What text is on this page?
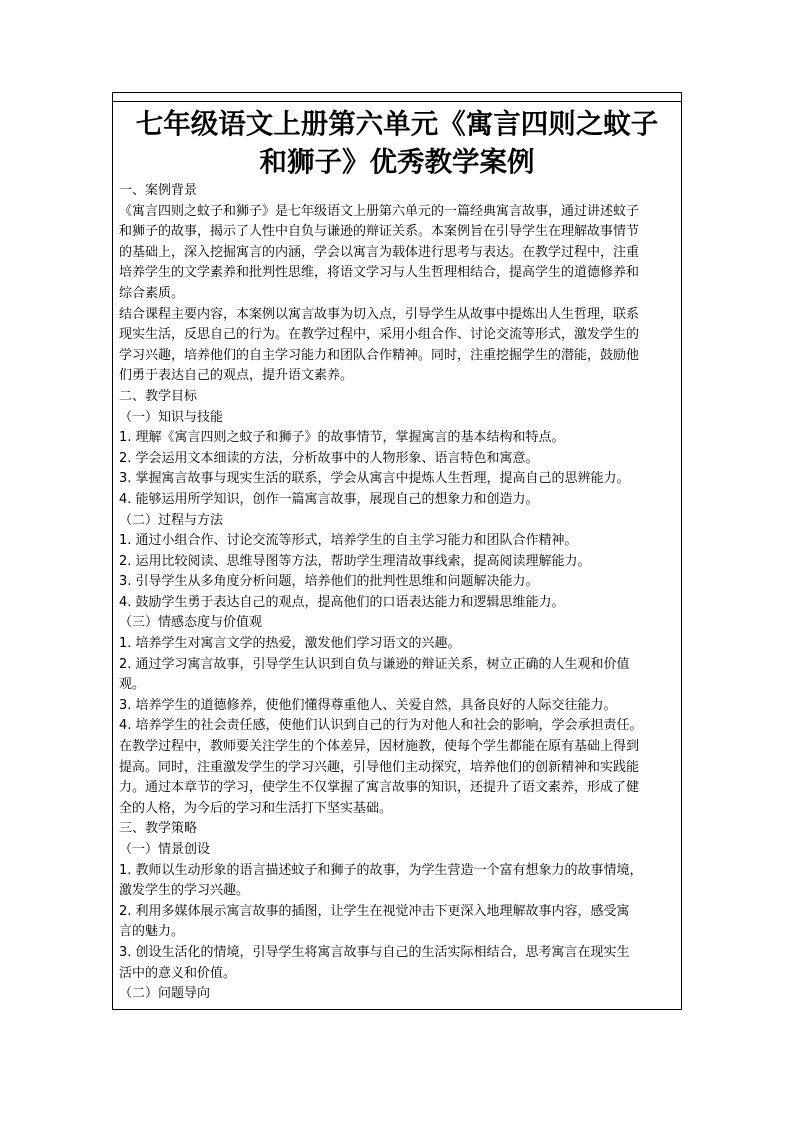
七年级语文上册第六单元《寓言四则之蚊子
和狮子》优秀教学案例
一、案例背景
《寓言四则之蚊子和狮子》是七年级语文上册第六单元的一篇经典寓言故事，通过讲述蚊子
和狮子的故事，揭示了人性中自负与谦逊的辩证关系。本案例旨在引导学生在理解故事情节
的基础上，深入挖掘寓言的内涵，学会以寓言为载体进行思考与表达。在教学过程中，注重
培养学生的文学素养和批判性思维，将语文学习与人生哲理相结合，提高学生的道德修养和
综合素质。
结合课程主要内容，本案例以寓言故事为切入点，引导学生从故事中提炼出人生哲理，联系
现实生活，反思自己的行为。在教学过程中，采用小组合作、讨论交流等形式，激发学生的
学习兴趣，培养他们的自主学习能力和团队合作精神。同时，注重挖掘学生的潜能，鼓励他
们勇于表达自己的观点，提升语文素养。
二、教学目标
（一）知识与技能
1. 理解《寓言四则之蚊子和狮子》的故事情节，掌握寓言的基本结构和特点。
2. 学会运用文本细读的方法，分析故事中的人物形象、语言特色和寓意。
3. 掌握寓言故事与现实生活的联系，学会从寓言中提炼人生哲理，提高自己的思辨能力。
4. 能够运用所学知识，创作一篇寓言故事，展现自己的想象力和创造力。
（二）过程与方法
1. 通过小组合作、讨论交流等形式，培养学生的自主学习能力和团队合作精神。
2. 运用比较阅读、思维导图等方法，帮助学生理清故事线索，提高阅读理解能力。
3. 引导学生从多角度分析问题，培养他们的批判性思维和问题解决能力。
4. 鼓励学生勇于表达自己的观点，提高他们的口语表达能力和逻辑思维能力。
（三）情感态度与价值观
1. 培养学生对寓言文学的热爱，激发他们学习语文的兴趣。
2. 通过学习寓言故事，引导学生认识到自负与谦逊的辩证关系，树立正确的人生观和价值
观。
3. 培养学生的道德修养，使他们懂得尊重他人、关爱自然，具备良好的人际交往能力。
4. 培养学生的社会责任感，使他们认识到自己的行为对他人和社会的影响，学会承担责任。
在教学过程中，教师要关注学生的个体差异，因材施教，使每个学生都能在原有基础上得到
提高。同时，注重激发学生的学习兴趣，引导他们主动探究，培养他们的创新精神和实践能
力。通过本章节的学习，使学生不仅掌握了寓言故事的知识，还提升了语文素养，形成了健
全的人格，为今后的学习和生活打下坚实基础。
三、教学策略
（一）情景创设
1. 教师以生动形象的语言描述蚊子和狮子的故事，为学生营造一个富有想象力的故事情境，
激发学生的学习兴趣。
2. 利用多媒体展示寓言故事的插图，让学生在视觉冲击下更深入地理解故事内容，感受寓
言的魅力。
3. 创设生活化的情境，引导学生将寓言故事与自己的生活实际相结合，思考寓言在现实生
活中的意义和价值。
（二）问题导向
